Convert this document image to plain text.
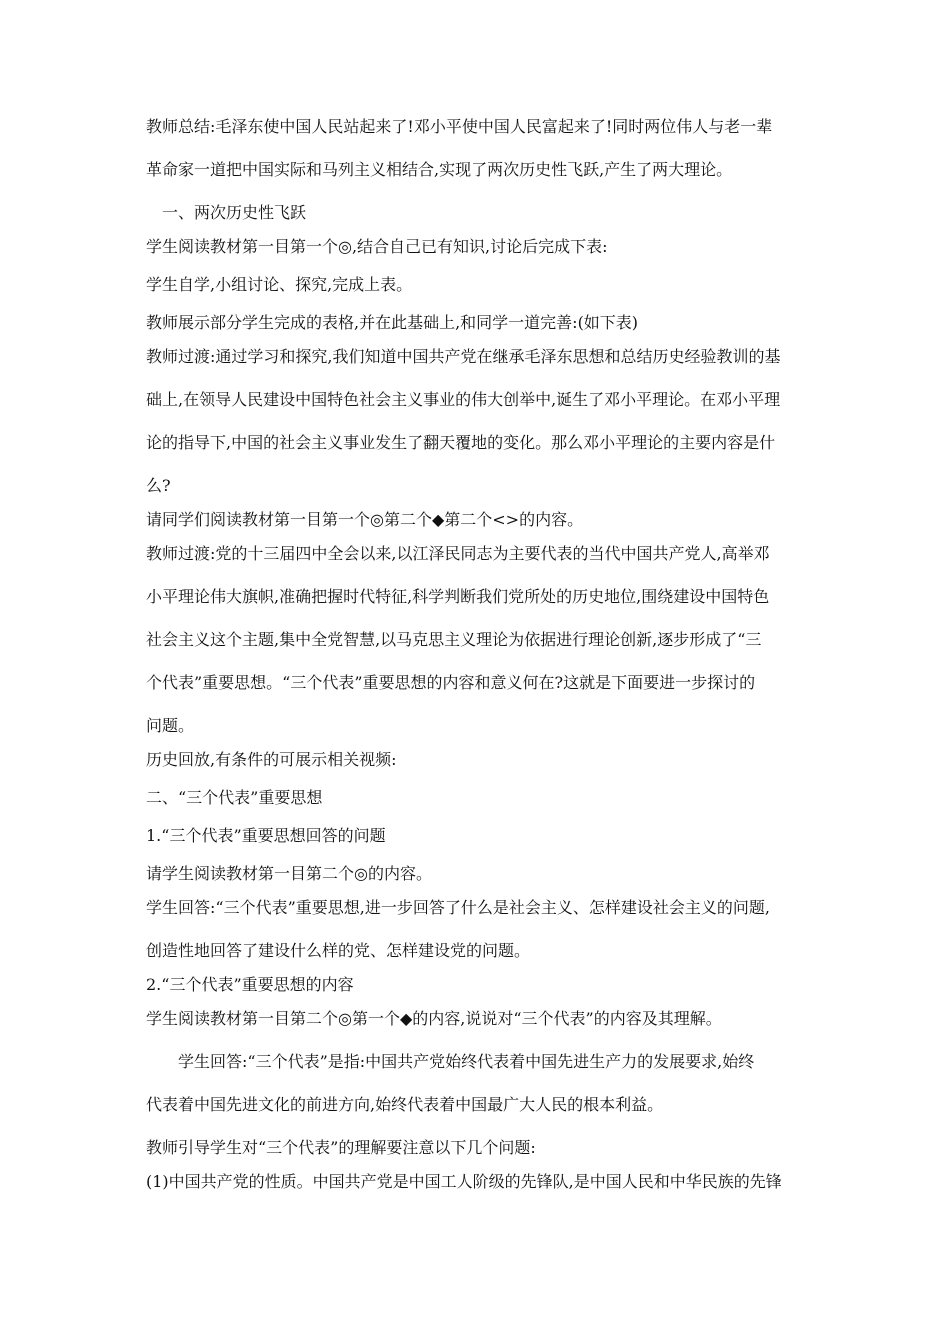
教师总结:毛泽东使中国人民站起来了!邓小平使中国人民富起来了!同时两位伟人与老一辈
革命家一道把中国实际和马列主义相结合,实现了两次历史性飞跃,产生了两大理论。
　一、两次历史性飞跃
学生阅读教材第一目第一个◎,结合自己已有知识,讨论后完成下表:
学生自学,小组讨论、探究,完成上表。
教师展示部分学生完成的表格,并在此基础上,和同学一道完善:(如下表)
教师过渡:通过学习和探究,我们知道中国共产党在继承毛泽东思想和总结历史经验教训的基
础上,在领导人民建设中国特色社会主义事业的伟大创举中,诞生了邓小平理论。在邓小平理
论的指导下,中国的社会主义事业发生了翻天覆地的变化。那么邓小平理论的主要内容是什
么?
请同学们阅读教材第一目第一个◎第二个◆第二个<>的内容。
教师过渡:党的十三届四中全会以来,以江泽民同志为主要代表的当代中国共产党人,高举邓
小平理论伟大旗帜,准确把握时代特征,科学判断我们党所处的历史地位,围绕建设中国特色
社会主义这个主题,集中全党智慧,以马克思主义理论为依据进行理论创新,逐步形成了“三
个代表”重要思想。“三个代表”重要思想的内容和意义何在?这就是下面要进一步探讨的
问题。
历史回放,有条件的可展示相关视频:
二、“三个代表”重要思想
1.“三个代表”重要思想回答的问题
请学生阅读教材第一目第二个◎的内容。
学生回答:“三个代表”重要思想,进一步回答了什么是社会主义、怎样建设社会主义的问题,
创造性地回答了建设什么样的党、怎样建设党的问题。
2.“三个代表”重要思想的内容
学生阅读教材第一目第二个◎第一个◆的内容,说说对“三个代表”的内容及其理解。
　　学生回答:“三个代表”是指:中国共产党始终代表着中国先进生产力的发展要求,始终
代表着中国先进文化的前进方向,始终代表着中国最广大人民的根本利益。
教师引导学生对“三个代表”的理解要注意以下几个问题:
(1)中国共产党的性质。中国共产党是中国工人阶级的先锋队,是中国人民和中华民族的先锋
